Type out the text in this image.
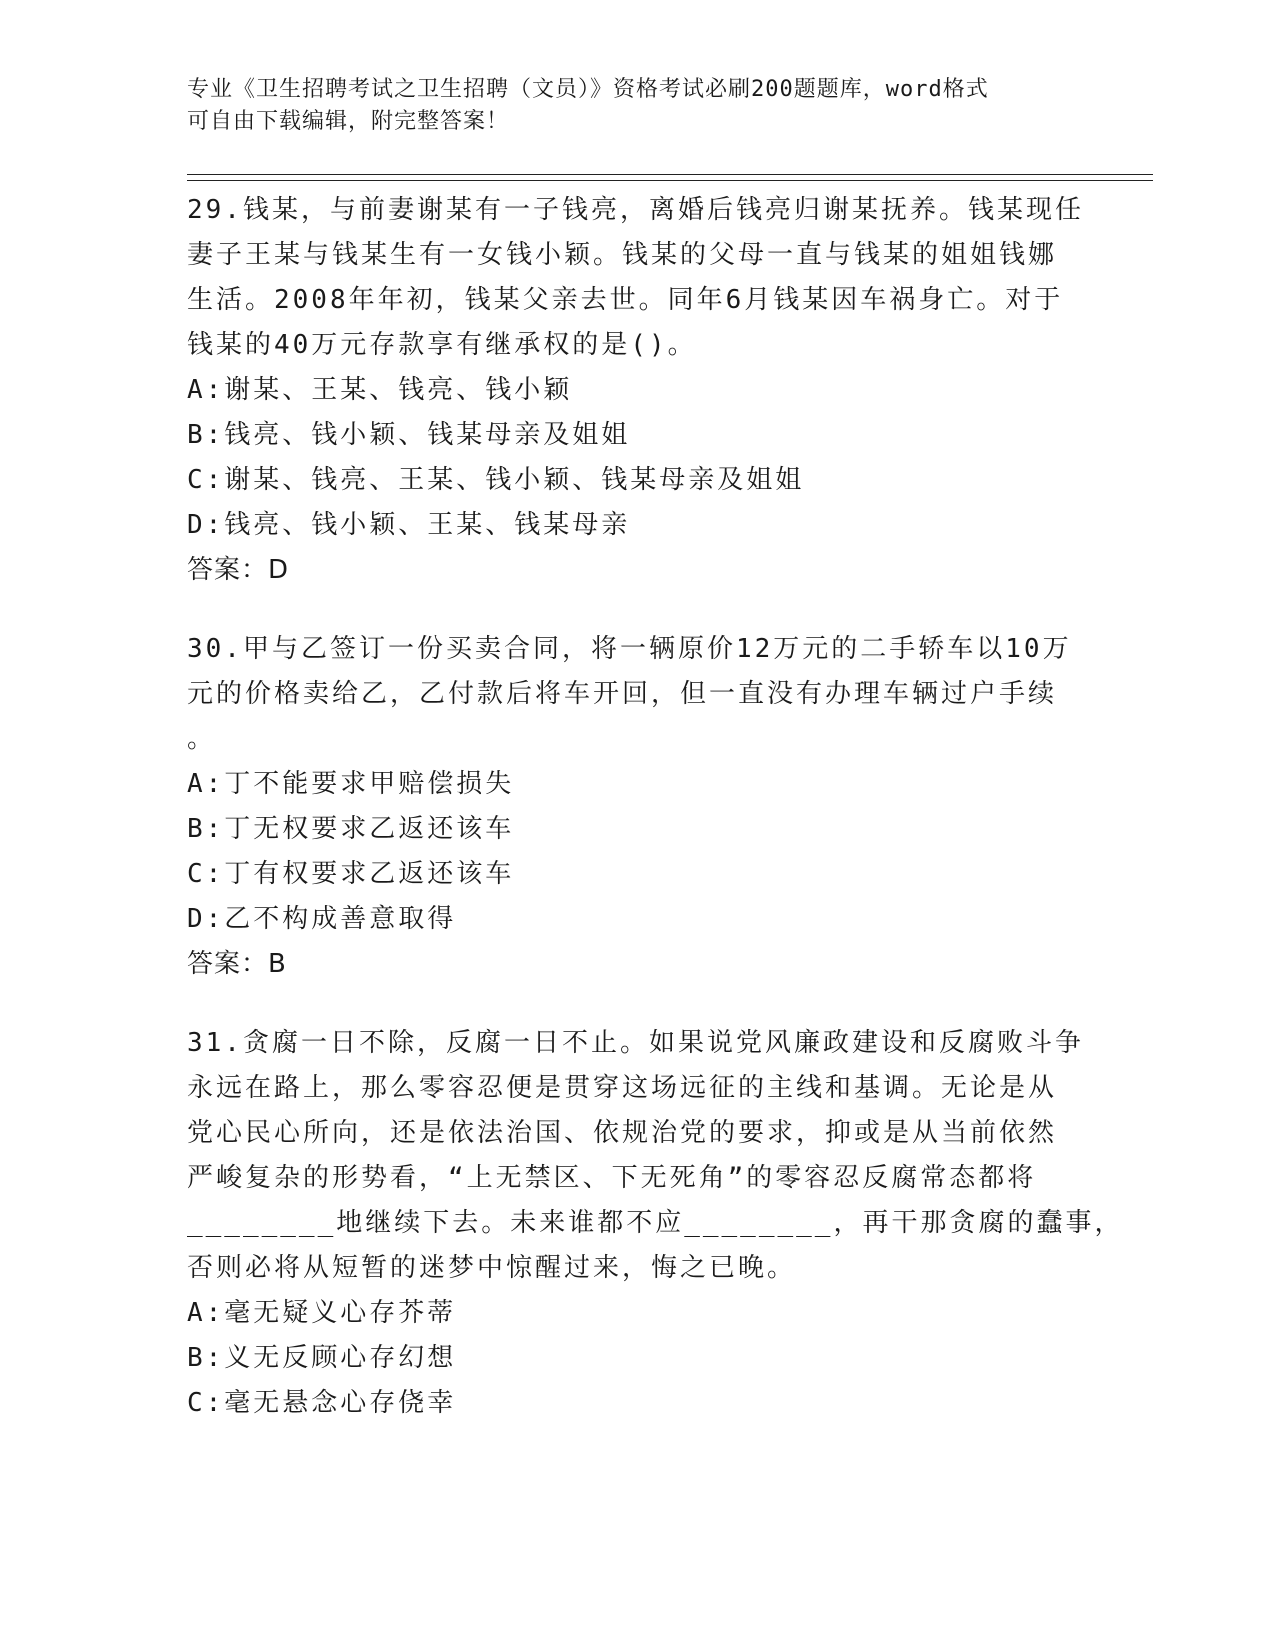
专业《卫生招聘考试之卫生招聘（文员）》资格考试必刷200题题库，word格式

可自由下载编辑，附完整答案！

29.钱某，与前妻谢某有一子钱亮，离婚后钱亮归谢某抚养。钱某现任

妻子王某与钱某生有一女钱小颖。钱某的父母一直与钱某的姐姐钱娜

生活。2008年年初，钱某父亲去世。同年6月钱某因车祸身亡。对于

钱某的40万元存款享有继承权的是()。

A:谢某、王某、钱亮、钱小颖

B:钱亮、钱小颖、钱某母亲及姐姐

C:谢某、钱亮、王某、钱小颖、钱某母亲及姐姐

D:钱亮、钱小颖、王某、钱某母亲

答案：D

30.甲与乙签订一份买卖合同，将一辆原价12万元的二手轿车以10万

元的价格卖给乙，乙付款后将车开回，但一直没有办理车辆过户手续

。

A:丁不能要求甲赔偿损失

B:丁无权要求乙返还该车

C:丁有权要求乙返还该车

D:乙不构成善意取得

答案：B

31.贪腐一日不除，反腐一日不止。如果说党风廉政建设和反腐败斗争

永远在路上，那么零容忍便是贯穿这场远征的主线和基调。无论是从

党心民心所向，还是依法治国、依规治党的要求，抑或是从当前依然

严峻复杂的形势看，“上无禁区、下无死角”的零容忍反腐常态都将

________地继续下去。未来谁都不应________，再干那贪腐的蠢事，

否则必将从短暂的迷梦中惊醒过来，悔之已晚。

A:毫无疑义心存芥蒂

B:义无反顾心存幻想

C:毫无悬念心存侥幸
